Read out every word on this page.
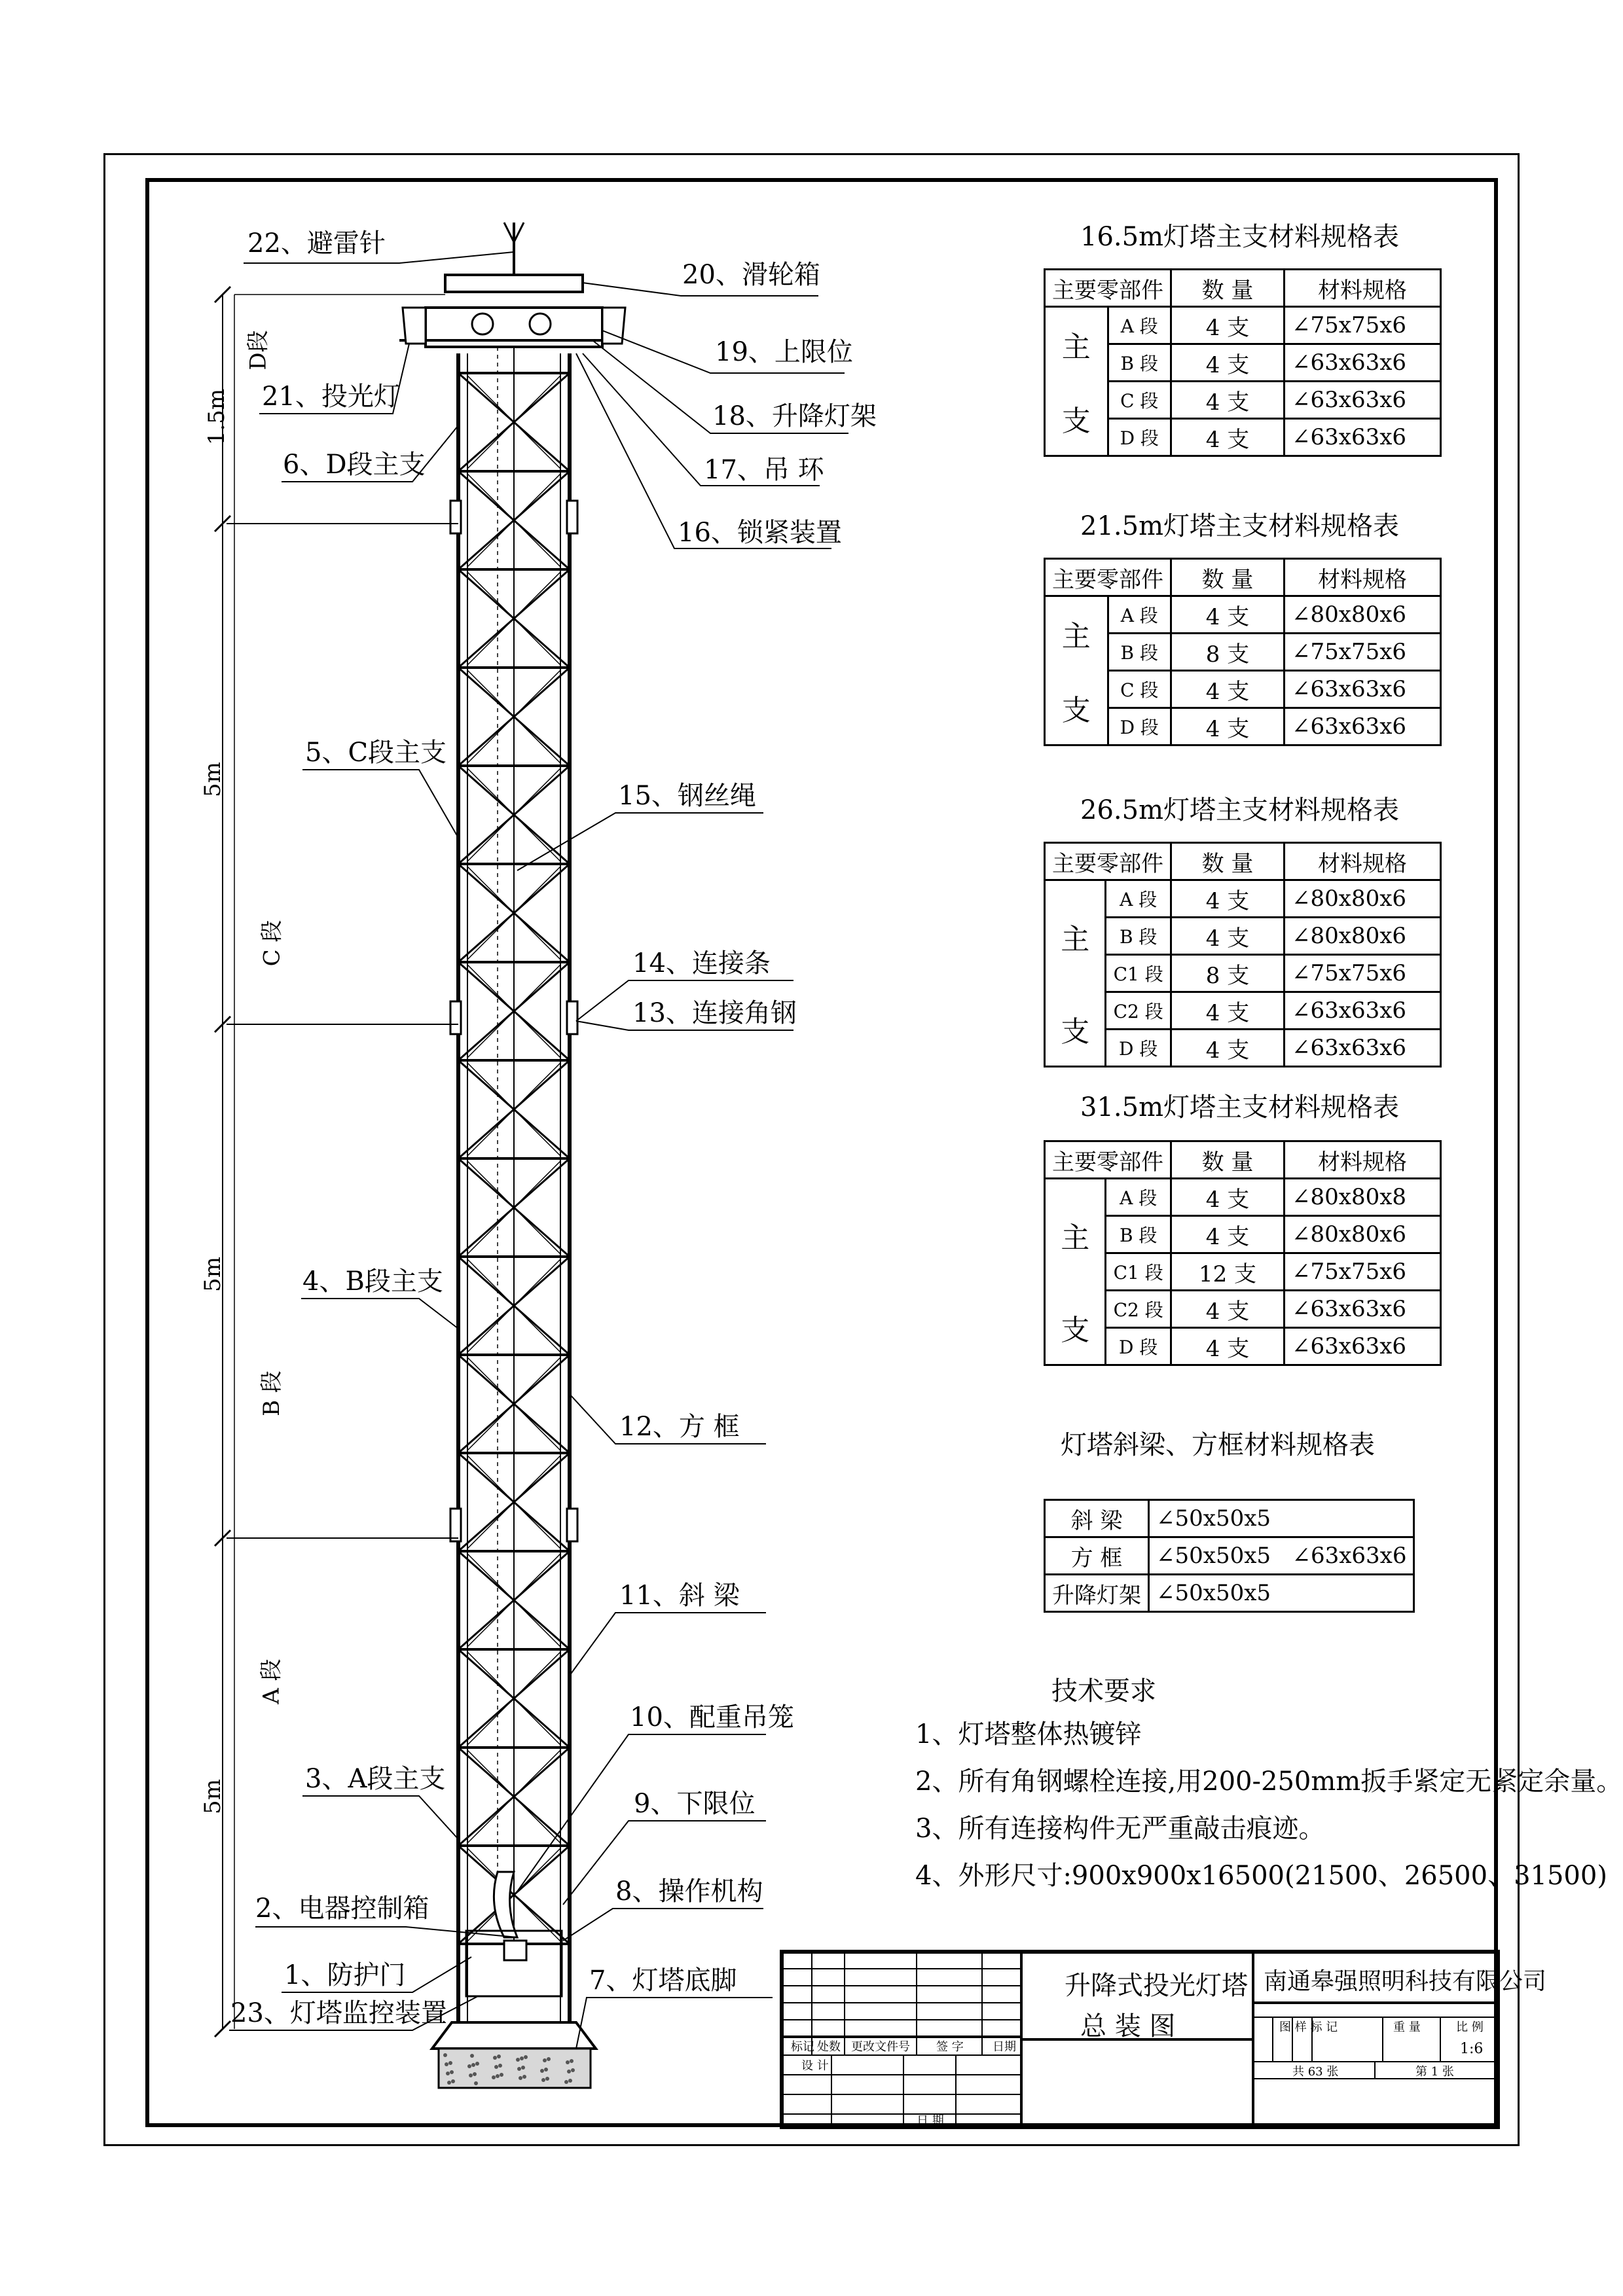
22、避雷针
20、滑轮箱
19、上限位
21、投光灯
18、升降灯架
6、D段主支	17、吊 环
16、锁紧装置
5、C段主支
15、钢丝绳
14、连接条
13、连接角钢
4、B段主支
12、方 框
11、斜 梁
10、配重吊笼
3、A段主支
9、下限位
8、操作机构
2、电器控制箱
1、防护门	7、灯塔底脚
23、灯塔监控装置
D段
1.5m
5m
C 段
5m
B 段
A 段
5m
16.5m灯塔主支材料规格表
主要零部件		数 量	材料规格
主	A 段	4 支	∠75x75x6
	B 段	4 支	∠63x63x6
支	C 段	4 支	∠63x63x6
	D 段	4 支	∠63x63x6
21.5m灯塔主支材料规格表
主要零部件		数 量	材料规格
主	A 段	4 支	∠80x80x6
	B 段	8 支	∠75x75x6
支	C 段	4 支	∠63x63x6
	D 段	4 支	∠63x63x6
26.5m灯塔主支材料规格表
主要零部件		数 量	材料规格
主	A 段	4 支	∠80x80x6
	B 段	4 支	∠80x80x6
	C1 段	8 支	∠75x75x6
支	C2 段	4 支	∠63x63x6
	D 段	4 支	∠63x63x6
31.5m灯塔主支材料规格表
主要零部件		数 量	材料规格
主	A 段	4 支	∠80x80x8
	B 段	4 支	∠80x80x6
	C1 段	12 支	∠75x75x6
支	C2 段	4 支	∠63x63x6
	D 段	4 支	∠63x63x6
灯塔斜梁、方框材料规格表
斜 梁	∠50x50x5
方 框	∠50x50x5   ∠63x63x6
升降灯架	∠50x50x5
技术要求
1、灯塔整体热镀锌
2、所有角钢螺栓连接,用200-250mm扳手紧定无紧定余量。
3、所有连接构件无严重敲击痕迹。
4、外形尺寸:900x900x16500(21500、26500、31500)
升降式投光灯塔
总 装 图
南通皋强照明科技有限公司
标记 处数 更改文件号 签 字 日期
设 计
日 期
图 样 标 记	重 量	比 例
1:6
共 63 张	第 1 张
